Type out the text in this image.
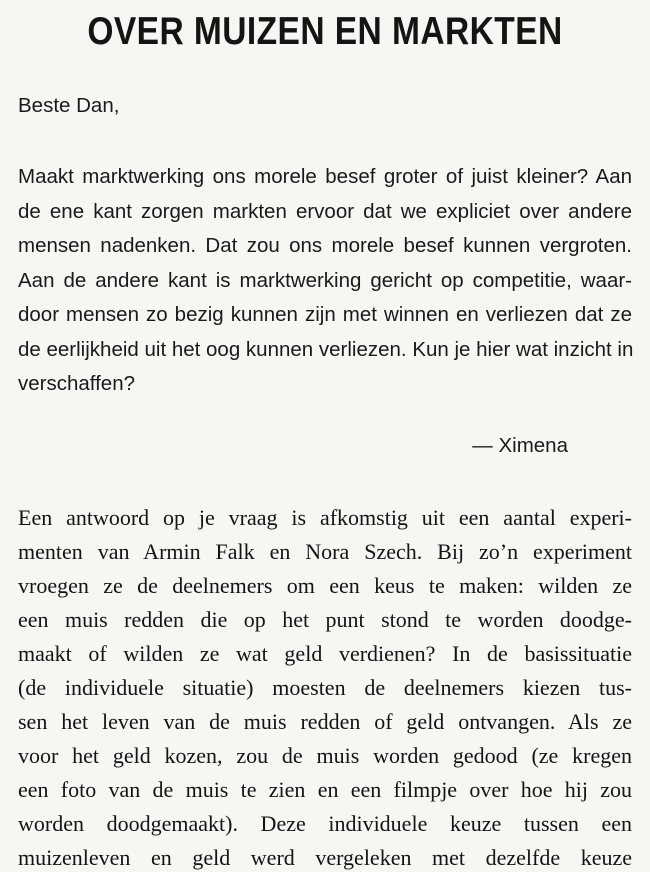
OVER MUIZEN EN MARKTEN

Beste Dan,

Maakt marktwerking ons morele besef groter of juist kleiner? Aan

de ene kant zorgen markten ervoor dat we expliciet over andere

mensen nadenken. Dat zou ons morele besef kunnen vergroten.

Aan de andere kant is marktwerking gericht op competitie, waar-

door mensen zo bezig kunnen zijn met winnen en verliezen dat ze

de eerlijkheid uit het oog kunnen verliezen. Kun je hier wat inzicht in

verschaffen?

— Ximena

Een antwoord op je vraag is afkomstig uit een aantal experi-

menten van Armin Falk en Nora Szech. Bij zo’n experiment

vroegen ze de deelnemers om een keus te maken: wilden ze

een muis redden die op het punt stond te worden doodge-

maakt of wilden ze wat geld verdienen? In de basissituatie

(de individuele situatie) moesten de deelnemers kiezen tus-

sen het leven van de muis redden of geld ontvangen. Als ze

voor het geld kozen, zou de muis worden gedood (ze kregen

een foto van de muis te zien en een filmpje over hoe hij zou

worden doodgemaakt). Deze individuele keuze tussen een

muizenleven en geld werd vergeleken met dezelfde keuze
